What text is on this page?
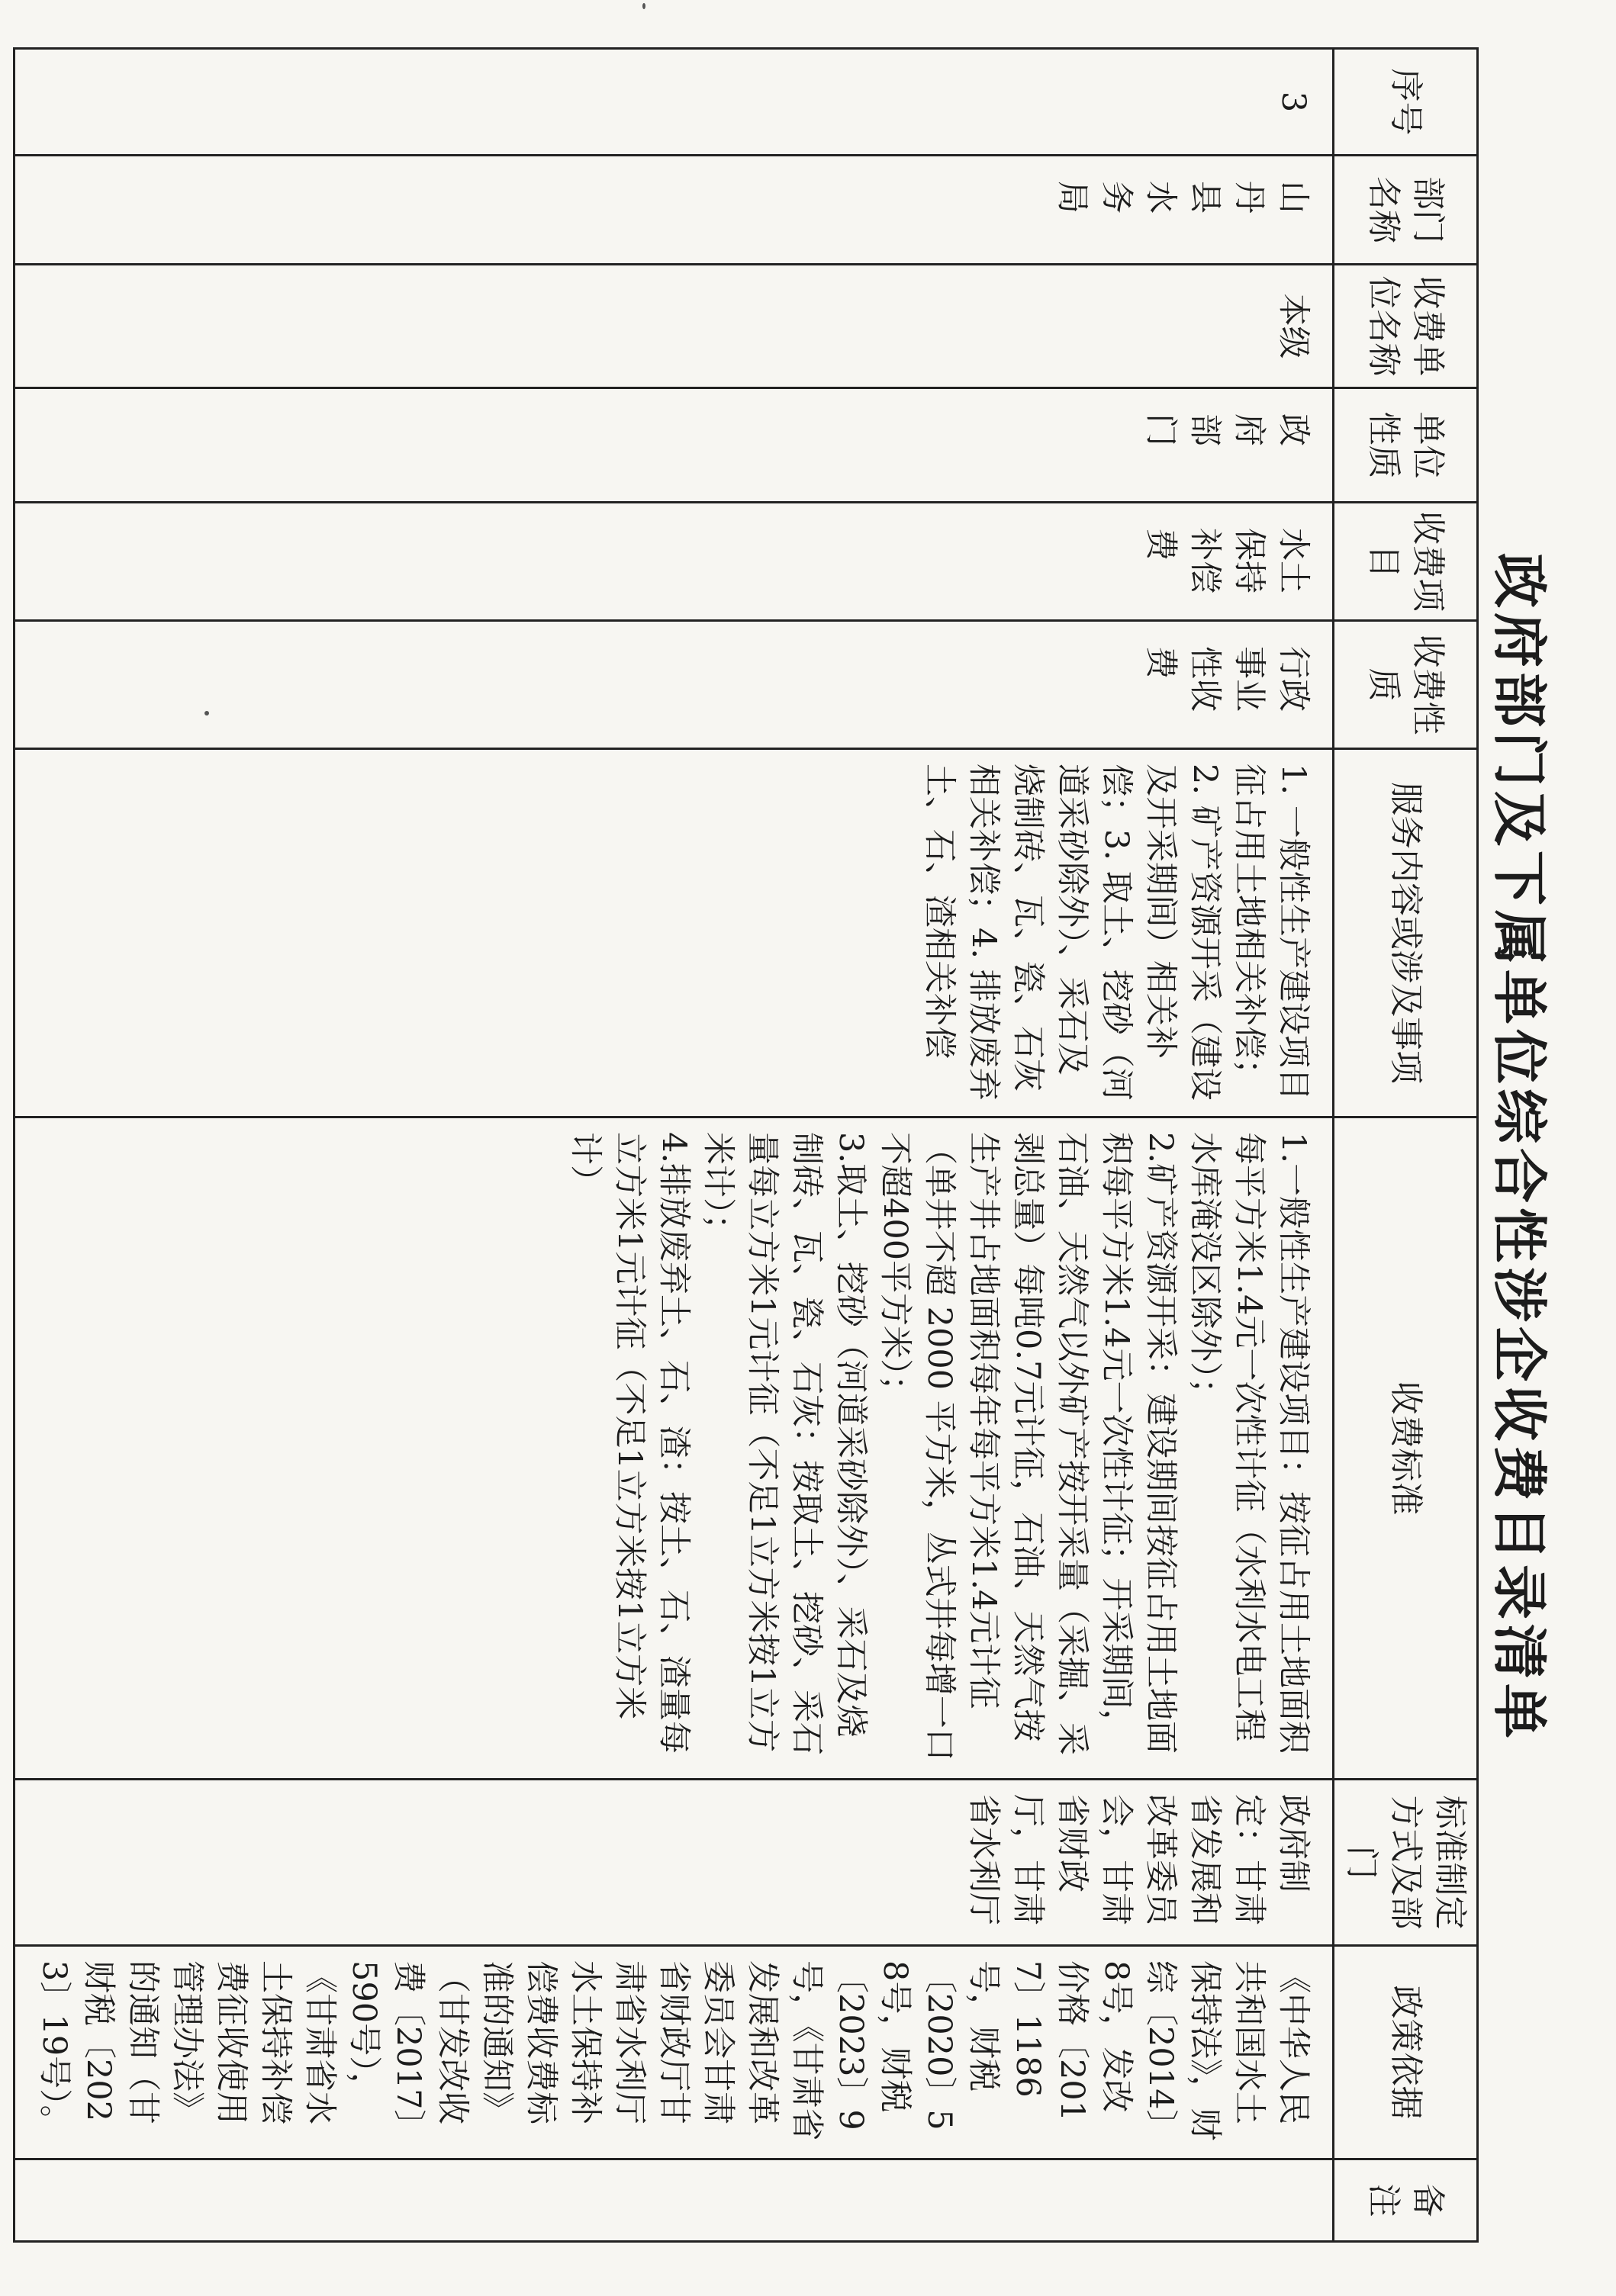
政府部门及下属单位综合性涉企收费目录清单
序号	部门名称	收费单位名称	单位性质	收费项目	收费性质	服务内容或涉及事项	收费标准	标准制定方式及部门	政策依据	备注
3	山丹县水务局	本级	政府部门	水土保持补偿费	行政事业性收费	1. 一般性生产建设项目征占用土地相关补偿；2. 矿产资源开采（建设及开采期间）相关补偿；3. 取土、挖砂（河道采砂除外）、采石及烧制砖、瓦、瓷、石灰相关补偿；4. 排放废弃土、石、渣相关补偿	1.一般性生产建设项目：按征占用土地面积每平方米1.4元一次性计征（水利水电工程水库淹没区除外）；
2.矿产资源开采：建设期间按征占用土地面积每平方米1.4元一次性计征；开采期间，石油、天然气以外矿产按开采量（采掘、采剥总量）每吨0.7元计征，石油、天然气按生产井占地面积每年每平方米1.4元计征（单井不超 2000 平方米，丛式井每增一口不超400平方米）；
3.取土、挖砂（河道采砂除外）、采石及烧制砖、瓦、瓷、石灰：按取土、挖砂、采石量每立方米1元计征（不足1立方米按1立方米计）；
4.排放废弃土、石、渣：按土、石、渣量每立方米1元计征（不足1立方米按1立方米计）	政府制定：甘肃省发展和改革委员会，甘肃省财政厅，甘肃省水利厅	《中华人民共和国水土保持法》，财综〔2014〕8号，发改价格〔2017〕1186号，财税〔2020〕58号，财税〔2023〕9号，《甘肃省发展和改革委员会甘肃省财政厅甘肃省水利厅水土保持补偿费收费标准的通知》（甘发改收费〔2017〕590号），《甘肃省水土保持补偿费征收使用管理办法》的通知（甘财税〔2023〕19号）。	
